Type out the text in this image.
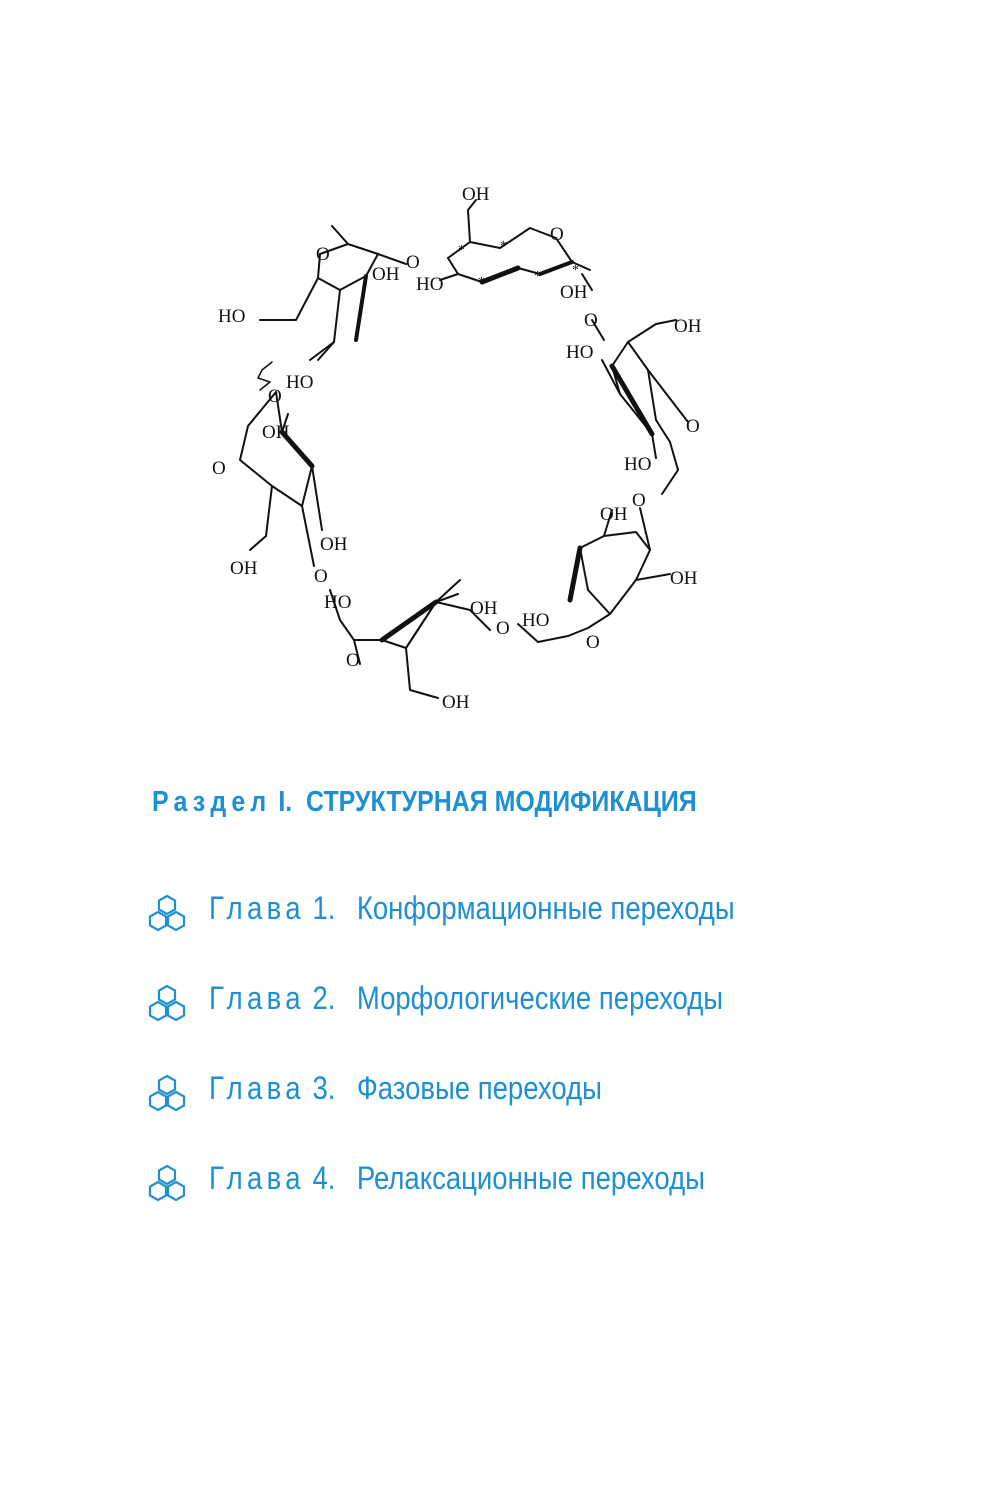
OH
O
O	O
OH HO	OH
HO	O	OH
HO
HO
O
OH	O
HO
O
O
OH
OH
OH	O	OH
HO	OH
HO
O
O
O
OH
*	*
*	* *
Раздел I. СТРУКТУРНАЯ МОДИФИКАЦИЯ
Глава 1. Конформационные переходы
Глава 2. Морфологические переходы
Глава 3. Фазовые переходы
Глава 4. Релаксационные переходы
